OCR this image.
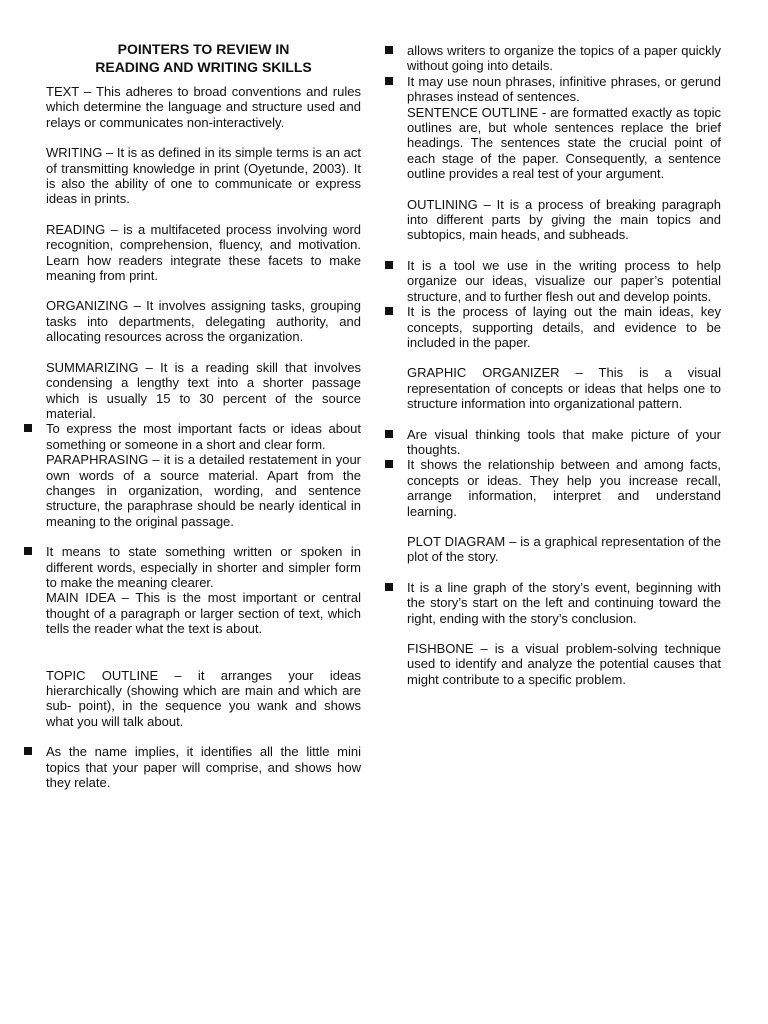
POINTERS TO REVIEW IN
READING AND WRITING SKILLS

TEXT – This adheres to broad conventions and rules which determine the language and structure used and relays or communicates non-interactively.

WRITING – It is as defined in its simple terms is an act of transmitting knowledge in print (Oyetunde, 2003). It is also the ability of one to communicate or express ideas in prints.

READING – is a multifaceted process involving word recognition, comprehension, fluency, and motivation. Learn how readers integrate these facets to make meaning from print.

ORGANIZING – It involves assigning tasks, grouping tasks into departments, delegating authority, and allocating resources across the organization.

SUMMARIZING – It is a reading skill that involves condensing a lengthy text into a shorter passage which is usually 15 to 30 percent of the source material.

To express the most important facts or ideas about something or someone in a short and clear form.

PARAPHRASING – it is a detailed restatement in your own words of a source material. Apart from the changes in organization, wording, and sentence structure, the paraphrase should be nearly identical in meaning to the original passage.

It means to state something written or spoken in different words, especially in shorter and simpler form to make the meaning clearer.

MAIN IDEA – This is the most important or central thought of a paragraph or larger section of text, which tells the reader what the text is about.

TOPIC OUTLINE – it arranges your ideas hierarchically (showing which are main and which are sub- point), in the sequence you wank and shows what you will talk about.

As the name implies, it identifies all the little mini topics that your paper will comprise, and shows how they relate.
allows writers to organize the topics of a paper quickly without going into details.
It may use noun phrases, infinitive phrases, or gerund phrases instead of sentences.

SENTENCE OUTLINE - are formatted exactly as topic outlines are, but whole sentences replace the brief headings. The sentences state the crucial point of each stage of the paper. Consequently, a sentence outline provides a real test of your argument.

OUTLINING – It is a process of breaking paragraph into different parts by giving the main topics and subtopics, main heads, and subheads.

It is a tool we use in the writing process to help organize our ideas, visualize our paper’s potential structure, and to further flesh out and develop points.
It is the process of laying out the main ideas, key concepts, supporting details, and evidence to be included in the paper.

GRAPHIC ORGANIZER – This is a visual representation of concepts or ideas that helps one to structure information into organizational pattern.

Are visual thinking tools that make picture of your thoughts.
It shows the relationship between and among facts, concepts or ideas. They help you increase recall, arrange information, interpret and understand learning.

PLOT DIAGRAM – is a graphical representation of the plot of the story.

It is a line graph of the story’s event, beginning with the story’s start on the left and continuing toward the right, ending with the story’s conclusion.

FISHBONE – is a visual problem-solving technique used to identify and analyze the potential causes that might contribute to a specific problem.
